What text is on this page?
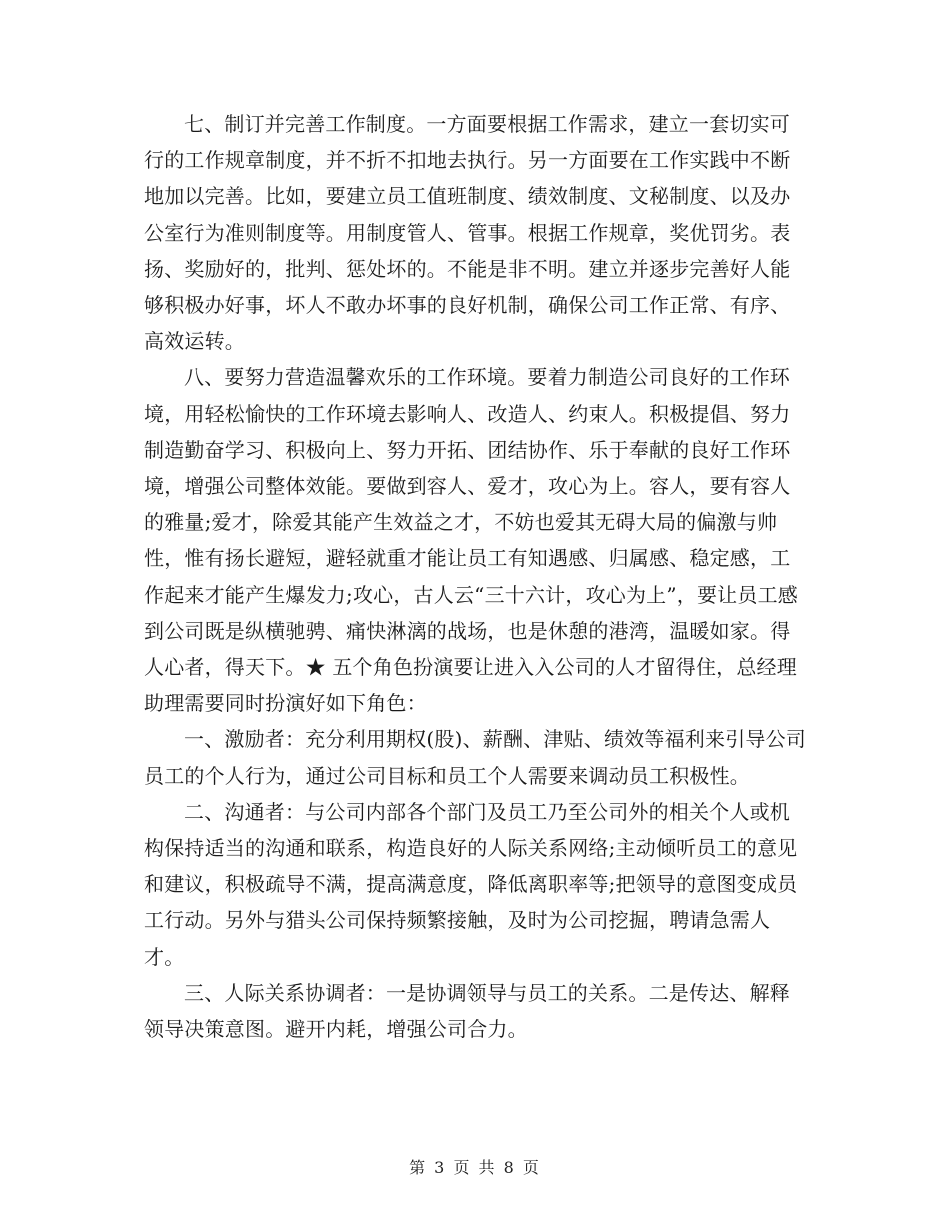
七、制订并完善工作制度。一方面要根据工作需求，建立一套切实可行的工作规章制度，并不折不扣地去执行。另一方面要在工作实践中不断地加以完善。比如，要建立员工值班制度、绩效制度、文秘制度、以及办公室行为准则制度等。用制度管人、管事。根据工作规章，奖优罚劣。表扬、奖励好的，批判、惩处坏的。不能是非不明。建立并逐步完善好人能够积极办好事，坏人不敢办坏事的良好机制，确保公司工作正常、有序、高效运转。

八、要努力营造温馨欢乐的工作环境。要着力制造公司良好的工作环境，用轻松愉快的工作环境去影响人、改造人、约束人。积极提倡、努力制造勤奋学习、积极向上、努力开拓、团结协作、乐于奉献的良好工作环境，增强公司整体效能。要做到容人、爱才，攻心为上。容人，要有容人的雅量;爱才，除爱其能产生效益之才，不妨也爱其无碍大局的偏激与帅性，惟有扬长避短，避轻就重才能让员工有知遇感、归属感、稳定感，工作起来才能产生爆发力;攻心，古人云“三十六计，攻心为上”，要让员工感到公司既是纵横驰骋、痛快淋漓的战场，也是休憩的港湾，温暖如家。得人心者，得天下。★ 五个角色扮演要让进入入公司的人才留得住，总经理助理需要同时扮演好如下角色：

一、激励者：充分利用期权(股)、薪酬、津贴、绩效等福利来引导公司员工的个人行为，通过公司目标和员工个人需要来调动员工积极性。

二、沟通者：与公司内部各个部门及员工乃至公司外的相关个人或机构保持适当的沟通和联系，构造良好的人际关系网络;主动倾听员工的意见和建议，积极疏导不满，提高满意度，降低离职率等;把领导的意图变成员工行动。另外与猎头公司保持频繁接触，及时为公司挖掘，聘请急需人才。

三、人际关系协调者：一是协调领导与员工的关系。二是传达、解释领导决策意图。避开内耗，增强公司合力。

第 3 页 共 8 页
